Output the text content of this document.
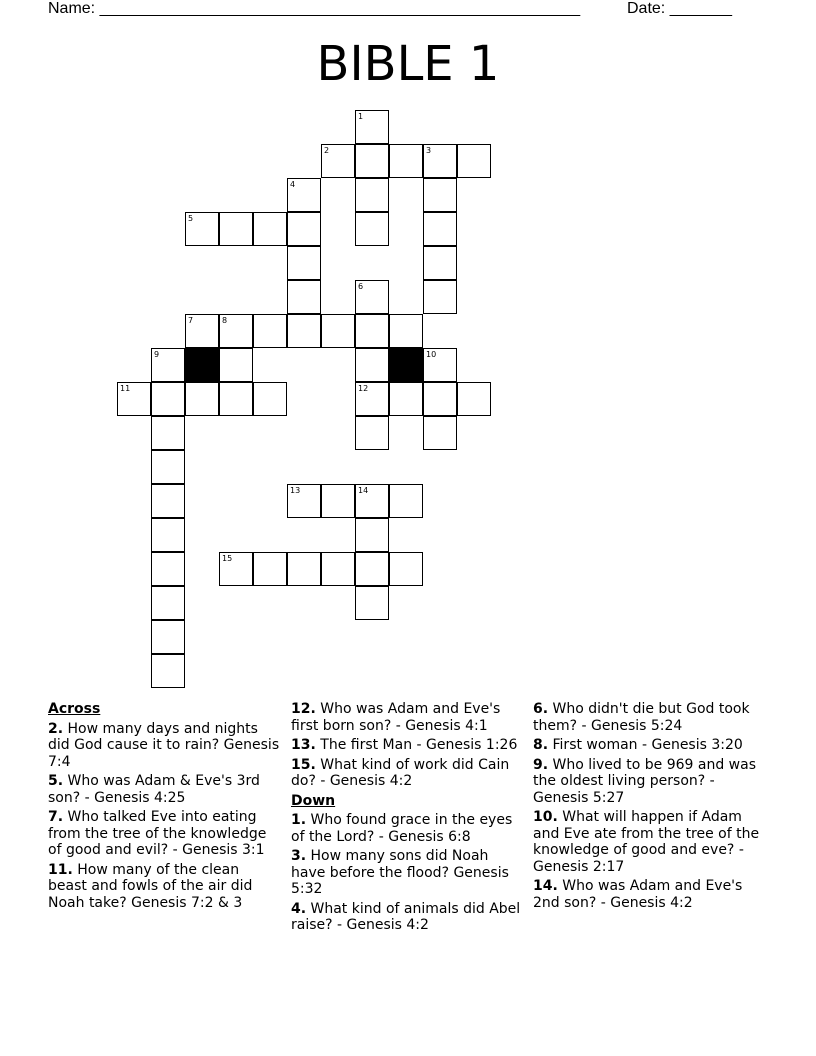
Name: ______________________________________________________	Date: _______
BIBLE 1
1
2	3
4
5
6
7	8
9	10
11	12
13	14
15
Across
2. How many days and nights did God cause it to rain? Genesis 7:4
5. Who was Adam & Eve's 3rd son? - Genesis 4:25
7. Who talked Eve into eating from the tree of the knowledge of good and evil? - Genesis 3:1
11. How many of the clean beast and fowls of the air did Noah take? Genesis 7:2 & 3
12. Who was Adam and Eve's first born son? - Genesis 4:1
13. The first Man - Genesis 1:26
15. What kind of work did Cain do? - Genesis 4:2
Down
1. Who found grace in the eyes of the Lord? - Genesis 6:8
3. How many sons did Noah have before the flood? Genesis 5:32
4. What kind of animals did Abel raise? - Genesis 4:2
6. Who didn't die but God took them? - Genesis 5:24
8. First woman - Genesis 3:20
9. Who lived to be 969 and was the oldest living person? - Genesis 5:27
10. What will happen if Adam and Eve ate from the tree of the knowledge of good and eve? - Genesis 2:17
14. Who was Adam and Eve's 2nd son? - Genesis 4:2
